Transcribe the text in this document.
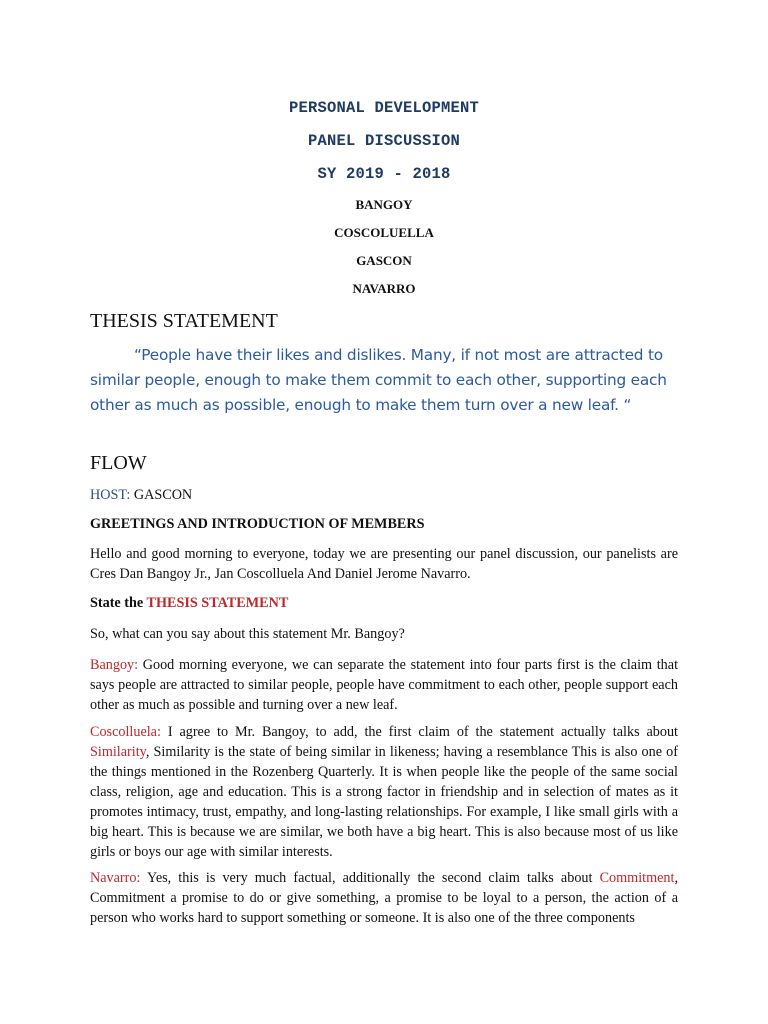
PERSONAL DEVELOPMENT
PANEL DISCUSSION
SY 2019 - 2018
BANGOY
COSCOLUELLA
GASCON
NAVARRO
THESIS STATEMENT
“People have their likes and dislikes. Many, if not most are attracted to similar people, enough to make them commit to each other, supporting each other as much as possible, enough to make them turn over a new leaf. “
FLOW
HOST: GASCON
GREETINGS AND INTRODUCTION OF MEMBERS
Hello and good morning to everyone, today we are presenting our panel discussion, our panelists are Cres Dan Bangoy Jr., Jan Coscolluela And Daniel Jerome Navarro.
State the THESIS STATEMENT
So, what can you say about this statement Mr. Bangoy?
Bangoy: Good morning everyone, we can separate the statement into four parts first is the claim that says people are attracted to similar people, people have commitment to each other, people support each other as much as possible and turning over a new leaf.
Coscolluela: I agree to Mr. Bangoy, to add, the first claim of the statement actually talks about Similarity, Similarity is the state of being similar in likeness; having a resemblance This is also one of the things mentioned in the Rozenberg Quarterly. It is when people like the people of the same social class, religion, age and education. This is a strong factor in friendship and in selection of mates as it promotes intimacy, trust, empathy, and long-lasting relationships. For example, I like small girls with a big heart. This is because we are similar, we both have a big heart. This is also because most of us like girls or boys our age with similar interests.
Navarro: Yes, this is very much factual, additionally the second claim talks about Commitment, Commitment a promise to do or give something, a promise to be loyal to a person, the action of a person who works hard to support something or someone. It is also one of the three components
